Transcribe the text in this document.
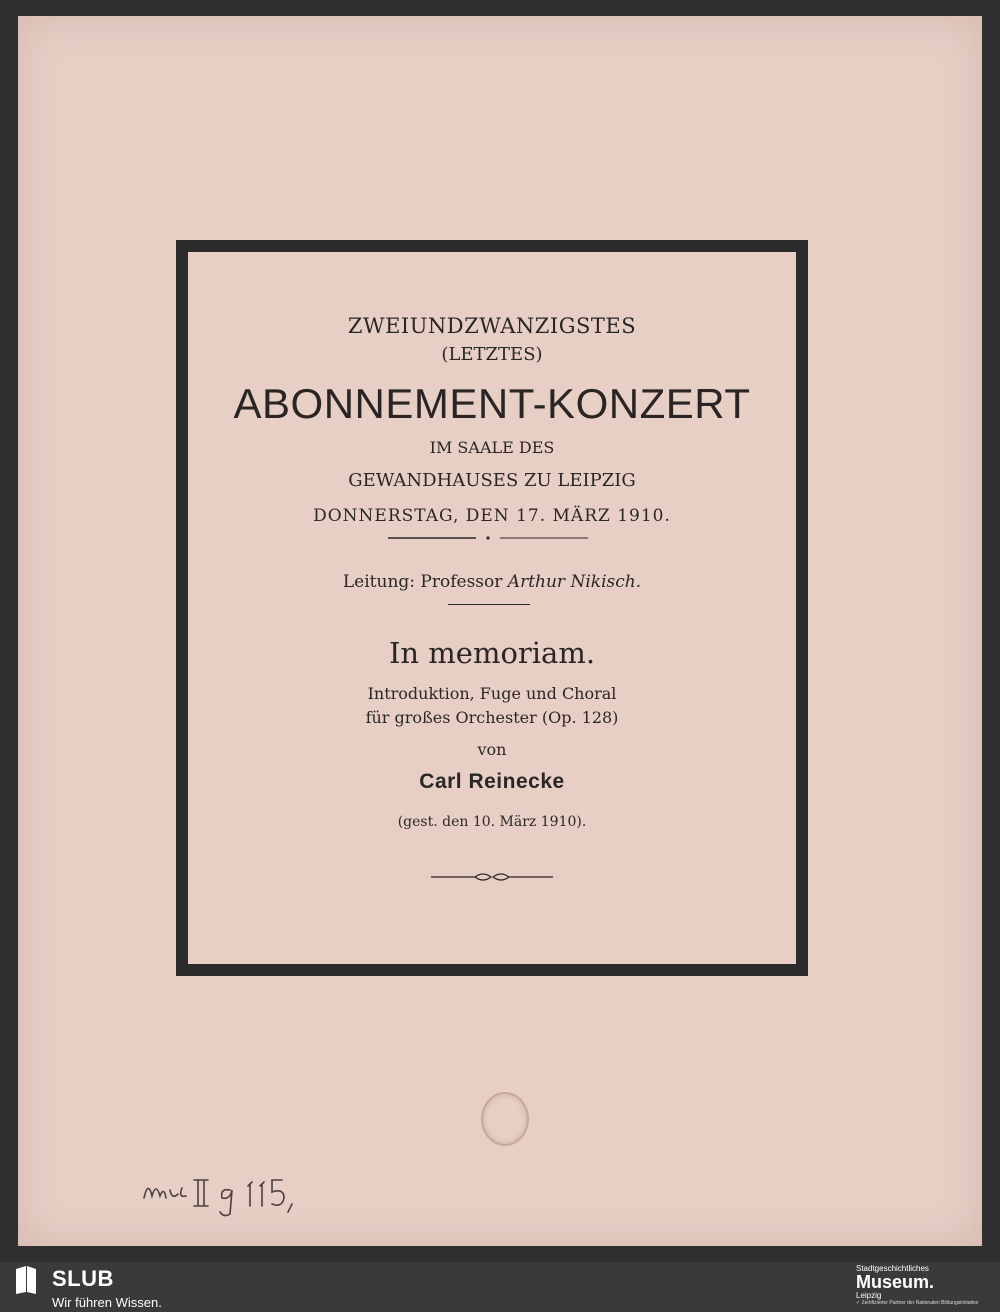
ZWEIUNDZWANZIGSTES

(LETZTES)

ABONNEMENT-KONZERT

IM SAALE DES

GEWANDHAUSES ZU LEIPZIG

DONNERSTAG, DEN 17. MÄRZ 1910.

Leitung: Professor Arthur Nikisch.

In memoriam.

Introduktion, Fuge und Choral

für großes Orchester (Op. 128)

von

Carl Reinecke

(gest. den 10. März 1910).

SLUB
Wir führen Wissen.
Stadtgeschichtliches
Museum.
Leipzig
✓ Zertifizierter Partner der Nationalen Bildungsinitiative
